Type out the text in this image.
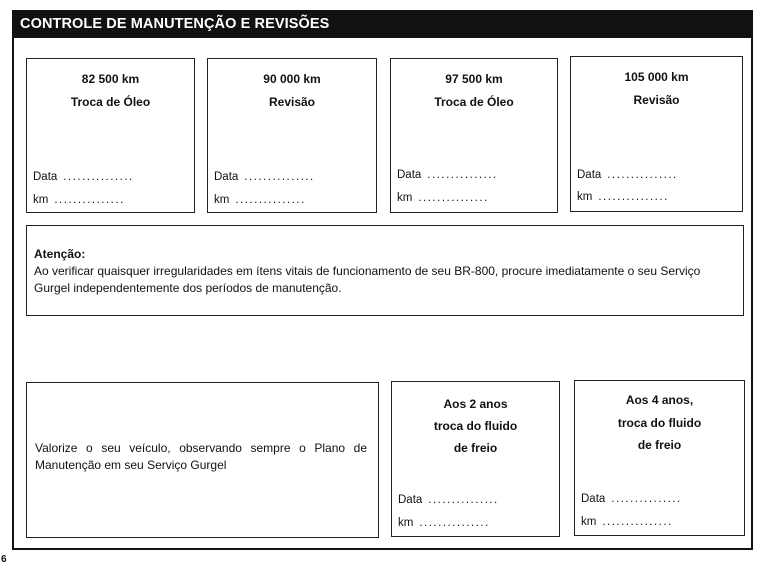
CONTROLE DE MANUTENÇÃO E REVISÕES
82 500 km
Troca de Óleo
Data ...............
km ...............
90 000 km
Revisão
Data ...............
km ...............
97 500 km
Troca de Óleo
Data ...............
km ...............
105 000 km
Revisão
Data ...............
km ...............
Atenção:
Ao verificar quaisquer irregularidades em ítens vitais de funcionamento de seu BR-800, procure imediatamente o seu Serviço Gurgel independentemente dos períodos de manutenção.
Valorize o seu veículo, observando sempre o Plano de Manutenção em seu Serviço Gurgel
Aos 2 anos
troca do fluido
de freio
Data ...............
km ...............
Aos 4 anos,
troca do fluido
de freio
Data ...............
km ...............
6
